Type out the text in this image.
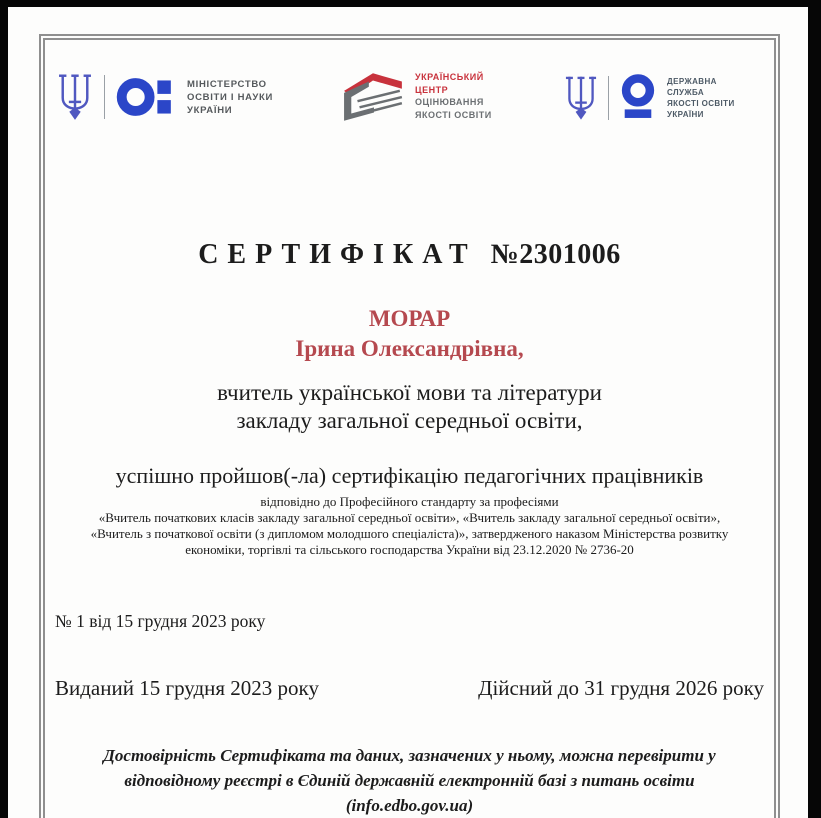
МІНІСТЕРСТВО
ОСВІТИ І НАУКИ
УКРАЇНИ
УКРАЇНСЬКИЙ
ЦЕНТР
ОЦІНЮВАННЯ
ЯКОСТІ ОСВІТИ
ДЕРЖАВНА
СЛУЖБА
ЯКОСТІ ОСВІТИ
УКРАЇНИ
СЕРТИФІКАТ №2301006
МОРАР
Ірина Олександрівна,
вчитель української мови та літератури
закладу загальної середньої освіти,
успішно пройшов(-ла) сертифікацію педагогічних працівників
відповідно до Професійного стандарту за професіями
«Вчитель початкових класів закладу загальної середньої освіти», «Вчитель закладу загальної середньої освіти», «Вчитель з початкової освіти (з дипломом молодшого спеціаліста)», затвердженого наказом Міністерства розвитку економіки, торгівлі та сільського господарства України від 23.12.2020 № 2736-20
№ 1 від 15 грудня 2023 року
Виданий 15 грудня 2023 року	Дійсний до 31 грудня 2026 року
Достовірність Сертифіката та даних, зазначених у ньому, можна перевірити у відповідному реєстрі в Єдиній державній електронній базі з питань освіти (info.edbo.gov.ua)
